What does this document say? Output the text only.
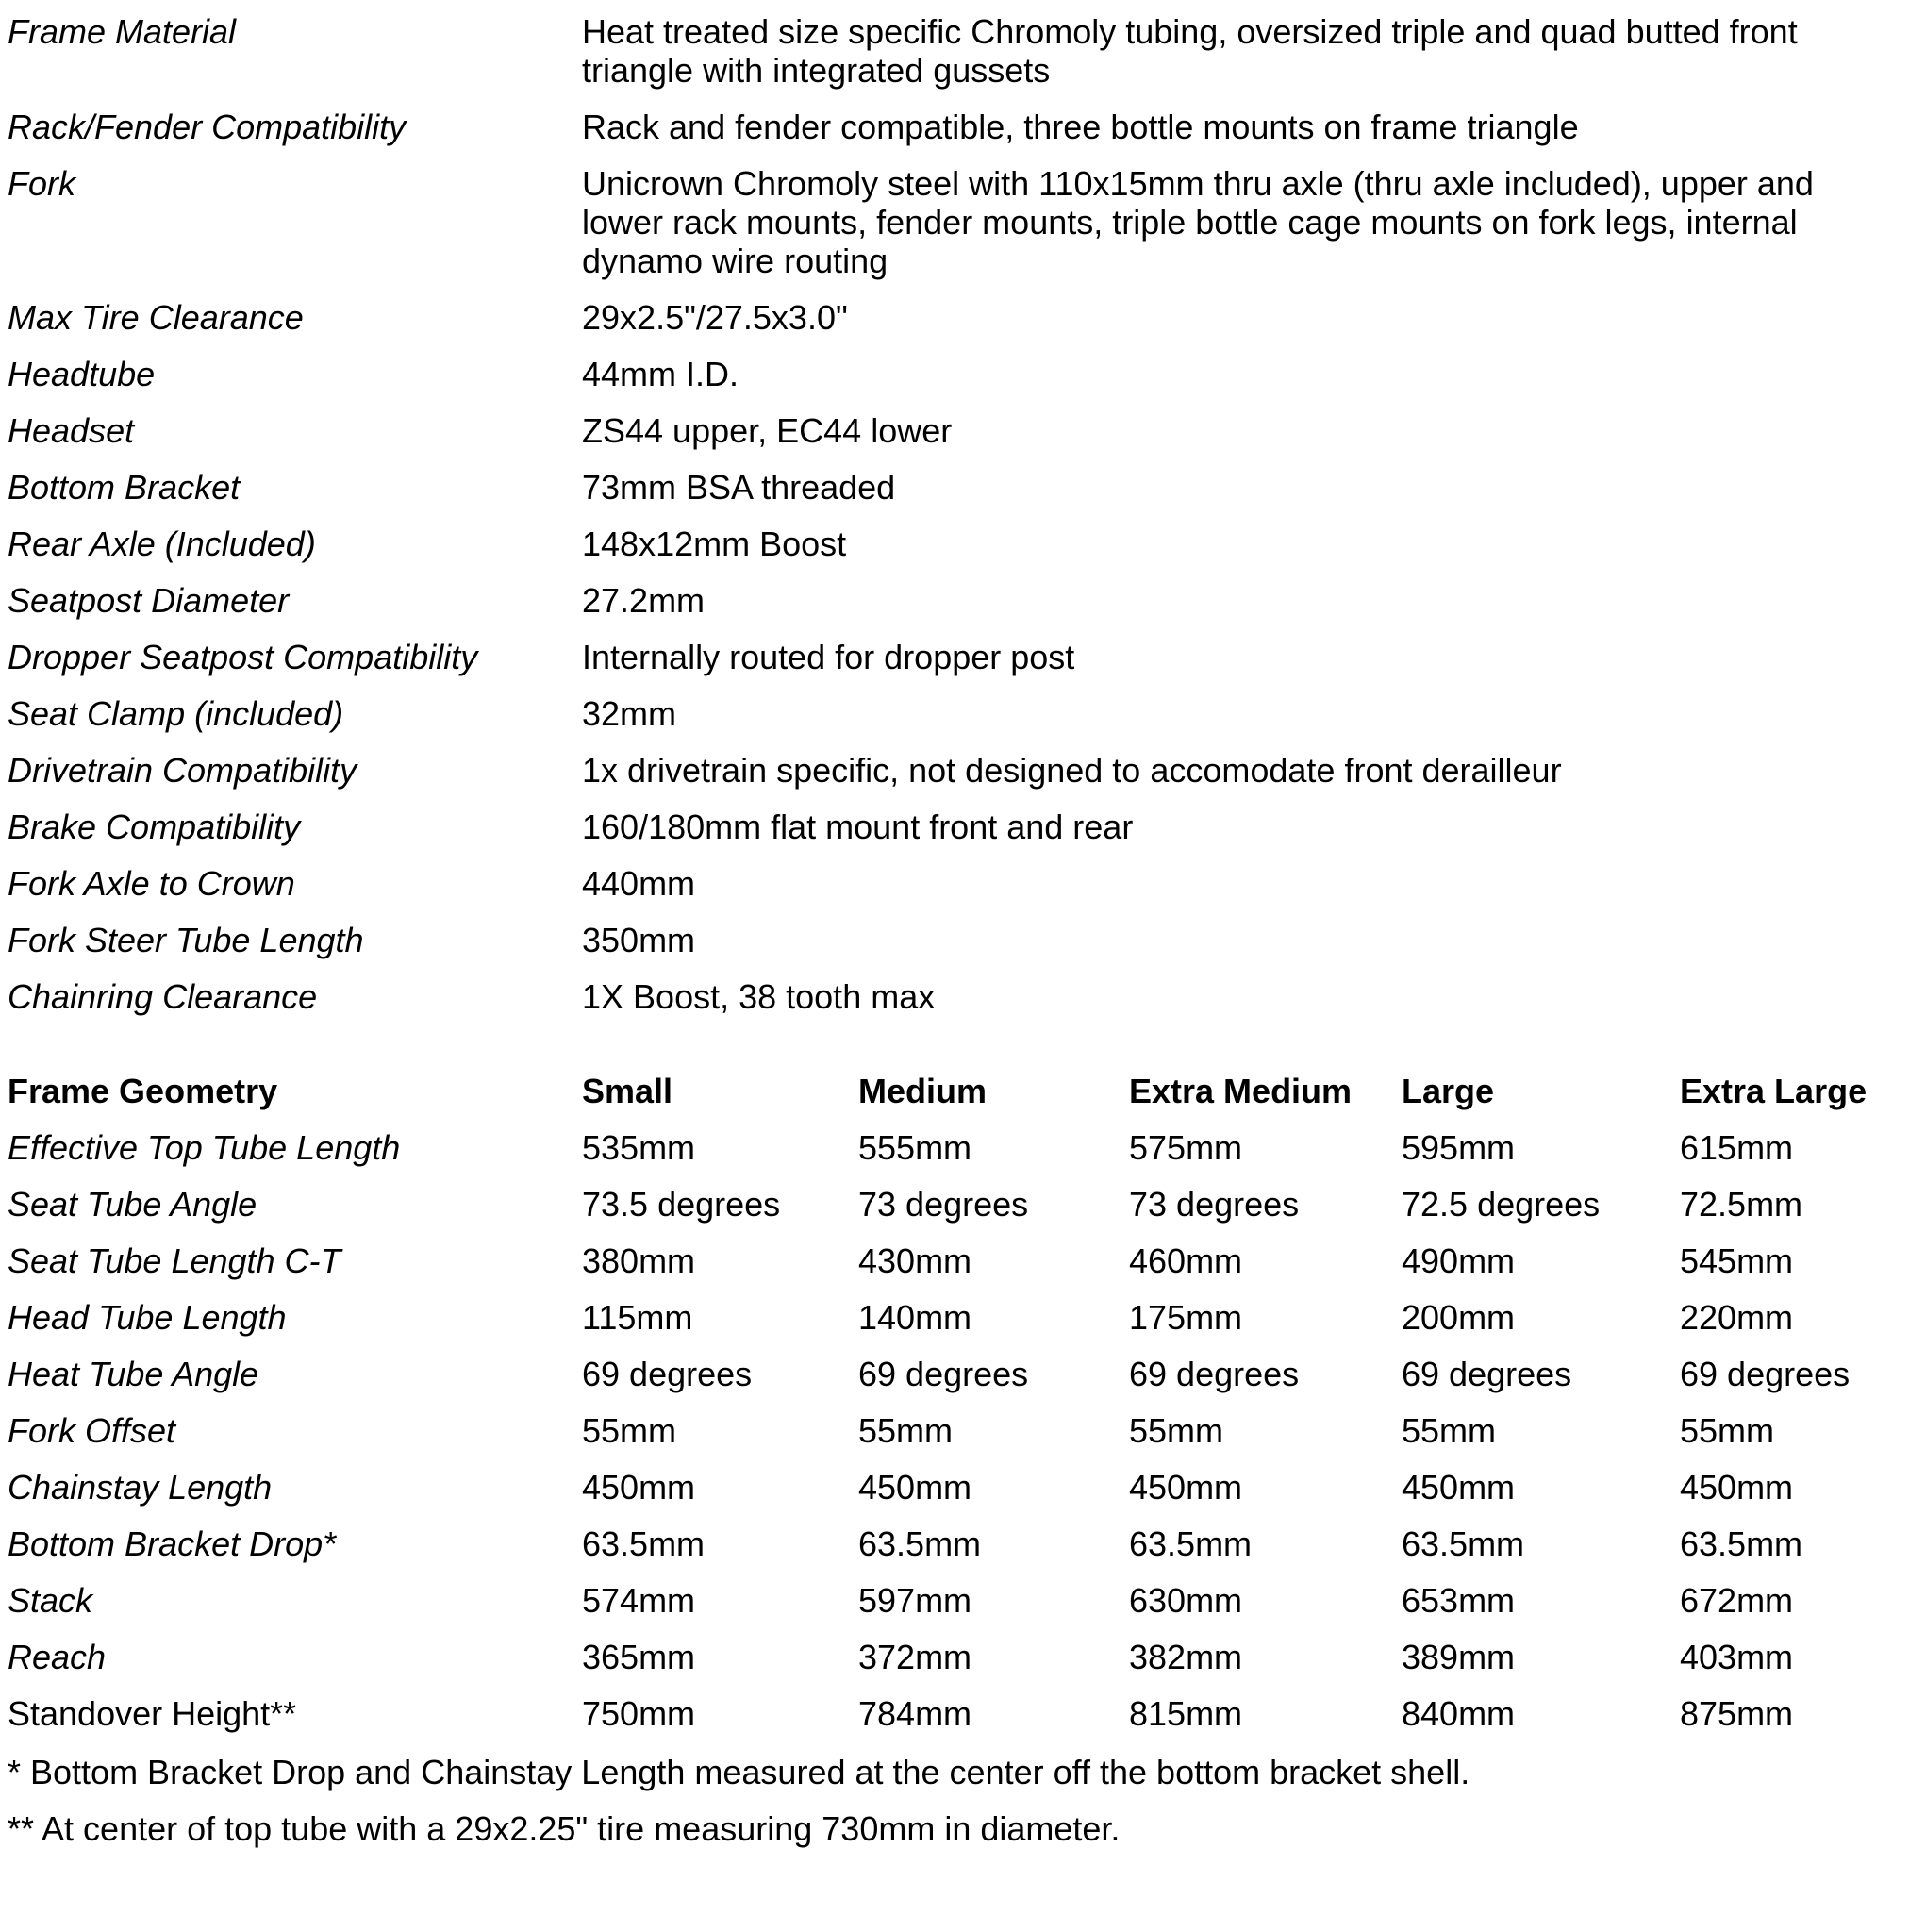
Frame Material	Heat treated size specific Chromoly tubing, oversized triple and quad butted front triangle with integrated gussets
Rack/Fender Compatibility	Rack and fender compatible, three bottle mounts on frame triangle
Fork	Unicrown Chromoly steel with 110x15mm thru axle (thru axle included), upper and lower rack mounts, fender mounts, triple bottle cage mounts on fork legs, internal dynamo wire routing
Max Tire Clearance	29x2.5"/27.5x3.0"
Headtube	44mm I.D.
Headset	ZS44 upper, EC44 lower
Bottom Bracket	73mm BSA threaded
Rear Axle (Included)	148x12mm Boost
Seatpost Diameter	27.2mm
Dropper Seatpost Compatibility	Internally routed for dropper post
Seat Clamp (included)	32mm
Drivetrain Compatibility	1x drivetrain specific, not designed to accomodate front derailleur
Brake Compatibility	160/180mm flat mount front and rear
Fork Axle to Crown	440mm
Fork Steer Tube Length	350mm
Chainring Clearance	1X Boost, 38 tooth max
Frame Geometry	Small	Medium	Extra Medium	Large	Extra Large
Effective Top Tube Length	535mm	555mm	575mm	595mm	615mm
Seat Tube Angle	73.5 degrees	73 degrees	73 degrees	72.5 degrees	72.5mm
Seat Tube Length C-T	380mm	430mm	460mm	490mm	545mm
Head Tube Length	115mm	140mm	175mm	200mm	220mm
Heat Tube Angle	69 degrees	69 degrees	69 degrees	69 degrees	69 degrees
Fork Offset	55mm	55mm	55mm	55mm	55mm
Chainstay Length	450mm	450mm	450mm	450mm	450mm
Bottom Bracket Drop*	63.5mm	63.5mm	63.5mm	63.5mm	63.5mm
Stack	574mm	597mm	630mm	653mm	672mm
Reach	365mm	372mm	382mm	389mm	403mm
Standover Height**	750mm	784mm	815mm	840mm	875mm
* Bottom Bracket Drop and Chainstay Length measured at the center off the bottom bracket shell.
** At center of top tube with a 29x2.25" tire measuring 730mm in diameter.
